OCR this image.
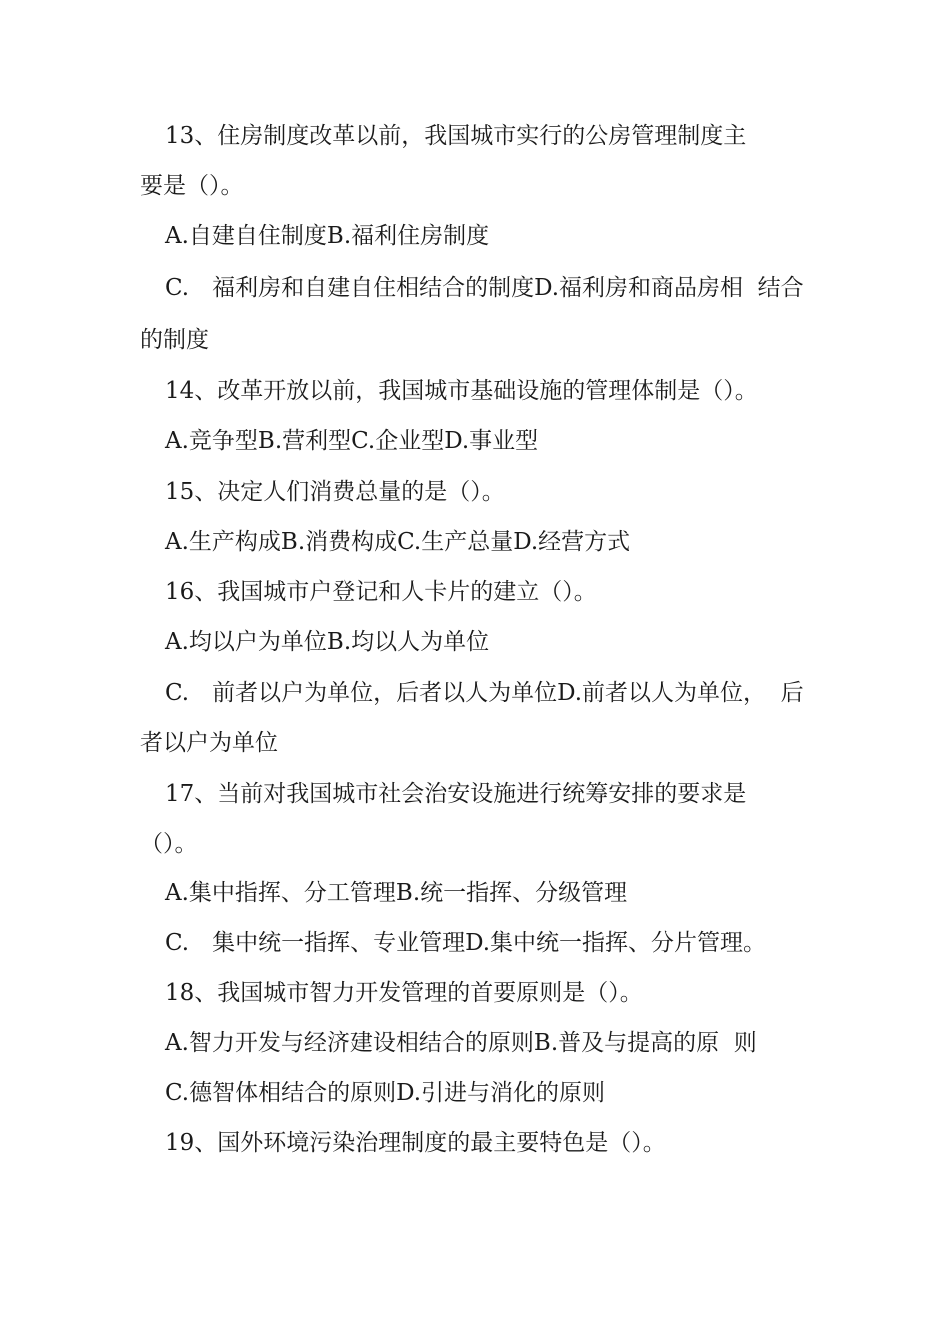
13、住房制度改革以前，我国城市实行的公房管理制度主
要是（）。
A.自建自住制度B.福利住房制度
C.　福利房和自建自住相结合的制度D.福利房和商品房相  结合
的制度
14、改革开放以前，我国城市基础设施的管理体制是（）。
A.竞争型B.营利型C.企业型D.事业型
15、决定人们消费总量的是（）。
A.生产构成B.消费构成C.生产总量D.经营方式
16、我国城市户登记和人卡片的建立（）。
A.均以户为单位B.均以人为单位
C.　前者以户为单位，后者以人为单位D.前者以人为单位，  后
者以户为单位
17、当前对我国城市社会治安设施进行统筹安排的要求是
（）。
A.集中指挥、分工管理B.统一指挥、分级管理
C.　集中统一指挥、专业管理D.集中统一指挥、分片管理。
18、我国城市智力开发管理的首要原则是（）。
A.智力开发与经济建设相结合的原则B.普及与提高的原  则
C.德智体相结合的原则D.引进与消化的原则
19、国外环境污染治理制度的最主要特色是（）。
